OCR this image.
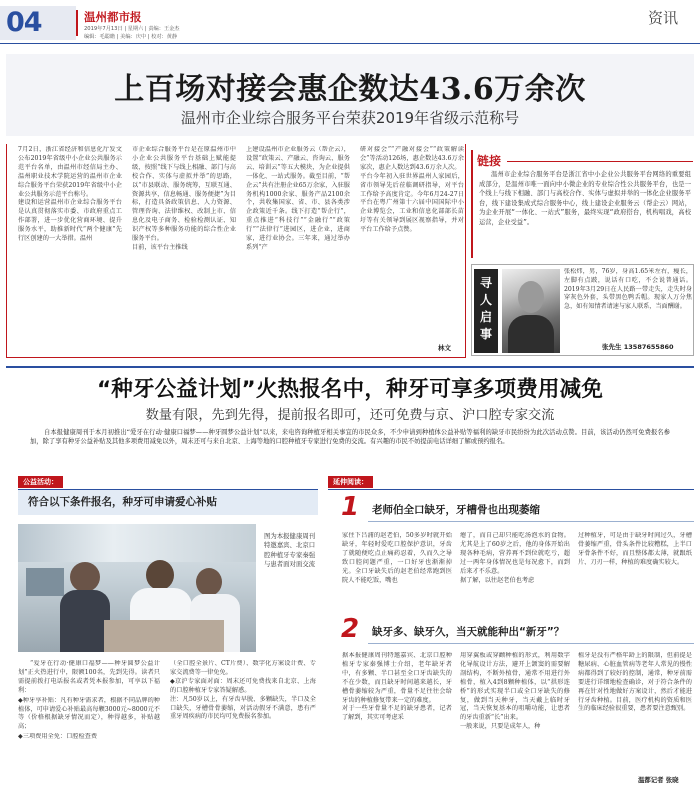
04	温州都市报
2019年7月13日 | 星期六 | 责编：王金杰
编辑：毛聪瞻 | 美编：庆中 | 校对：黄静
资讯
上百场对接会惠企数达43.6万余次
温州市企业综合服务平台荣获2019年省级示范称号
7月2日，浙江省经济和信息化厅发文公布2019年省级中小企业公共服务示范平台名单，由温州市经信局主办、温州职业技术学院运营的温州市企业综合服务平台荣获2019年省级中小企业公共服务示范平台称号。
建设和运营温州市企业综合服务平台是认真贯彻落实市委、市政府重点工作部署，进一步优化营商环境、提升服务水平，助推新时代“两个健康”先行区创建的一大举措。温州
市企业综合服务平台是在原温州市中小企业公共服务平台基础上赋能提级，按照“线下与线上相融、部门与高校合作、实体与虚拟并举”的思路，以“市县联动、服务统筹，互联互通、资源共享，信息畅通、服务便捷”为目标，打造具备政策信息、人力资源、管理咨询、法律维权、改制上市、信息化及电子商务、检验检测认证、知识产权等多种服务功能的综合性企业服务平台。
目前，该平台主推线
上建设温州市企业服务云（帮企云），设置“政策云、产融云、咨询云、服务云、培训云”等五大模块，为企业提供一体化、一站式服务。截至目前，“帮企云”共有注册企业65万余家，入驻服务机构1000余家、服务产品2100余个，共收集国家、省、市、县各类涉企政策近千条。线下打造“帮企行”，重点推进“科技行”“金融行”“政策行”“法律行”进园区，进企业，进商家，进行业协会。三年来，通过举办系列“产
研对接会”“产融对接会”“政策解读会”等活动126场，惠企数达43.6万余家次，惠企人数达到43.6万余人次。
平台今年初入驻世界温州人家园后，省市领导先后莅临调研指导，对平台工作给予高度肯定。今年6月24-27日平台在粤广州第十六届中国国际中小企业博览会，工业和信息化部部长苗圩等有关领导到展区视察指导，并对平台工作给予点赞。
林文
链接
温州市企业综合服务平台是浙江省中小企业公共服务平台网络的重要组成部分，是温州市唯一面向中小微企业的专业综合性公共服务平台，也是一个线上与线下相融、部门与高校合作、实体与虚拟并举的一体化企业服务平台，线下建设集成式综合服务中心，线上建设企业服务云（帮企云）网站，为企业开展“一体化、一站式”服务，最终实现“政府搭台，机构唱戏，高校运营，企业受益”。
寻人启事
张松炜，男，76岁，身高1.65米左右，瘦长，左脚有点跛，说话有口吃，不会说普通话。2019年3月29日在人民路一带走失，走失时身穿灰色外套，头带黑色鸭舌帽。现家人万分焦急，如有知情者请速与家人联系，当面酬谢。
张先生 13587655860
“种牙公益计划”火热报名中，种牙可享多项费用减免
数量有限，先到先得，提前报名即可，还可免费与京、沪口腔专家交流
自本报健康周刊于本月初推出“爱牙在行动·健康口福梦——种牙圆梦公益计划”以来，来电咨询种植牙相关事宜的市民众多，不少申请到种植体公益补贴等福利的缺牙市民纷纷为此次活动点赞。目前，该活动仍然可免费报名参加，除了享有种牙公益补贴及其他多项费用减免以外，周末还可与来自北京、上海等地的口腔种植牙专家进行免费的交流。有兴趣的市民不妨提前电话详细了解或预约报名。
公益活动：
符合以下条件报名，种牙可申请爱心补贴
图为本报健康周刊特邀嘉宾、北京口腔种植牙专家秦强与患者面对面交流
“爱牙在行动·健康口福梦——种牙圆梦公益计划”正火热进行中，限额100名，先到先得。读者只需提前拨打电话报名或者凭本报参加，可享以下福利：
◆种牙享补贴：凡有种牙需求者，根据不同品牌的种植体，可申请爱心补贴最高每颗3000元~8000元不等（价格根据缺牙情况而定），种得越多，补贴越高；
◆三项费用全免：口腔检查费
（全口腔全景片、CT片费）、数字化方案设计费、专家交流费等一律免免。
◆京沪专家面对面：周末还可免费找来自北京、上海的口腔种植牙专家答疑解惑。
注：凡50岁以上，有牙齿早脱、多颗缺失，半口及全口缺失，牙槽骨骨萎缩，对活动假牙不满意，患有严重牙周疾病的市民均可免费报名参加。
延伸阅读：
1 老师伯全口缺牙，牙槽骨也出现萎缩
家住下吕浦的赵老伯，50多岁时就开始缺牙，年轻时爱吃口腔保护意识，牙齿了就随便吃点止痛药忍着，久而久之导致口腔问题严重，一口好牙也渐渐掉光。全口牙缺失后的赵老伯经常跑到医院人不能吃饭，嘴也
瘪了，而自己却只能吃汤泡水的食物。尤其是上了60岁之后，他的身体开始出现各种毛病，营养再不到位就吃亏，超过一两年身体情况也是每况愈下，而到后来才不乐意。
据了解，以往赵老伯也考虑
过种植牙，可是由于缺牙时间过久，牙槽骨萎缩严重，骨头条件比较糟糕，上半口牙骨条件不好，而且整体都太薄，就跟纸片、刀刃一样，种植的难度确实较大。
2 缺牙多、缺牙久，当天就能种出“新牙”？
据本报健康周刊特邀嘉宾、北京口腔种植牙专家秦强博士介绍，老年缺牙者中，有多颗、半口甚至全口牙齿缺失的不在少数，而且缺牙时间越来越长，牙槽骨萎缩较为严重，骨量不足往往会给牙齿的种植修复带来一定的难度。
对于一些牙骨量不足的缺牙患者，记者了解到，其实可考虑采
用穿翼板或穿颧种植的形式，利用数字化导航设计方法，避开上颌窦的需要解剖结构，不断外植骨，通常不用进行外植骨，植入4到8颗种植体，以“拱形连桥”的形式实现半口或全口牙缺失的修复，做到当天种牙，当天戴上临时牙冠，当天恢复基本的咀嚼功能，让患者的牙齿重新“长”出来。
一般来说，只要是成年人，种
植牙是没有严格年龄上的限制，但前提是糖尿病、心脏血管病等老年人常见的慢性病都得到了较好的控制，通常，种牙前需要进行详细地检查确诊，对于符合条件的再在针对性地做好方案设计，然后才能进行牙齿种植。目前，医疗机构的资质和医生的临床经验很重要，患者要注意甄别。
温都记者 张晓
